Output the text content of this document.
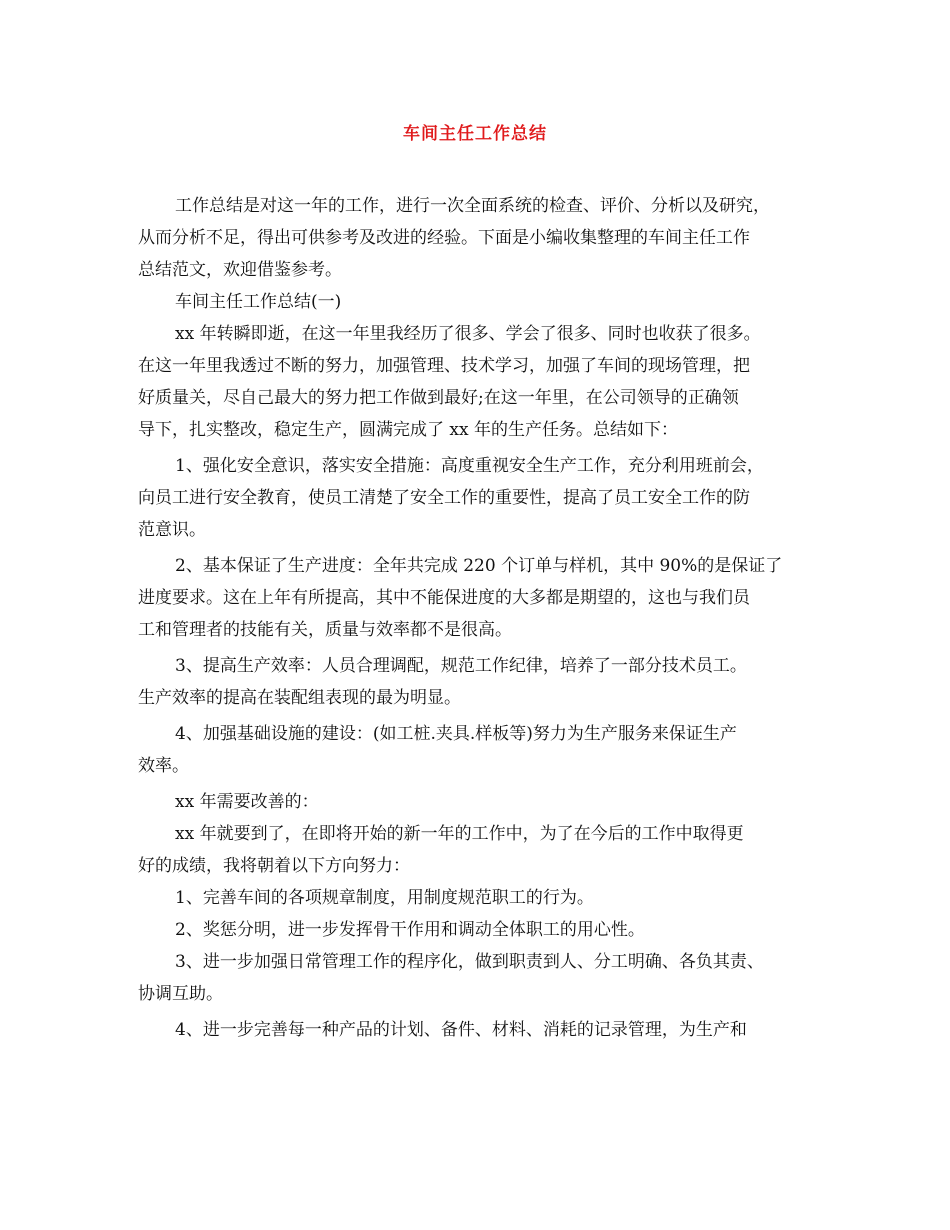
车间主任工作总结
工作总结是对这一年的工作，进行一次全面系统的检查、评价、分析以及研究，
从而分析不足，得出可供参考及改进的经验。下面是小编收集整理的车间主任工作
总结范文，欢迎借鉴参考。
车间主任工作总结(一)
xx 年转瞬即逝，在这一年里我经历了很多、学会了很多、同时也收获了很多。
在这一年里我透过不断的努力，加强管理、技术学习，加强了车间的现场管理，把
好质量关，尽自己最大的努力把工作做到最好;在这一年里，在公司领导的正确领
导下，扎实整改，稳定生产，圆满完成了 xx 年的生产任务。总结如下：
1、强化安全意识，落实安全措施：高度重视安全生产工作，充分利用班前会，
向员工进行安全教育，使员工清楚了安全工作的重要性，提高了员工安全工作的防
范意识。
2、基本保证了生产进度：全年共完成 220 个订单与样机，其中 90%的是保证了
进度要求。这在上年有所提高，其中不能保进度的大多都是期望的，这也与我们员
工和管理者的技能有关，质量与效率都不是很高。
3、提高生产效率：人员合理调配，规范工作纪律，培养了一部分技术员工。
生产效率的提高在装配组表现的最为明显。
4、加强基础设施的建设：(如工桩.夹具.样板等)努力为生产服务来保证生产
效率。
xx 年需要改善的：
xx 年就要到了，在即将开始的新一年的工作中，为了在今后的工作中取得更
好的成绩，我将朝着以下方向努力：
1、完善车间的各项规章制度，用制度规范职工的行为。
2、奖惩分明，进一步发挥骨干作用和调动全体职工的用心性。
3、进一步加强日常管理工作的程序化，做到职责到人、分工明确、各负其责、
协调互助。
4、进一步完善每一种产品的计划、备件、材料、消耗的记录管理，为生产和
